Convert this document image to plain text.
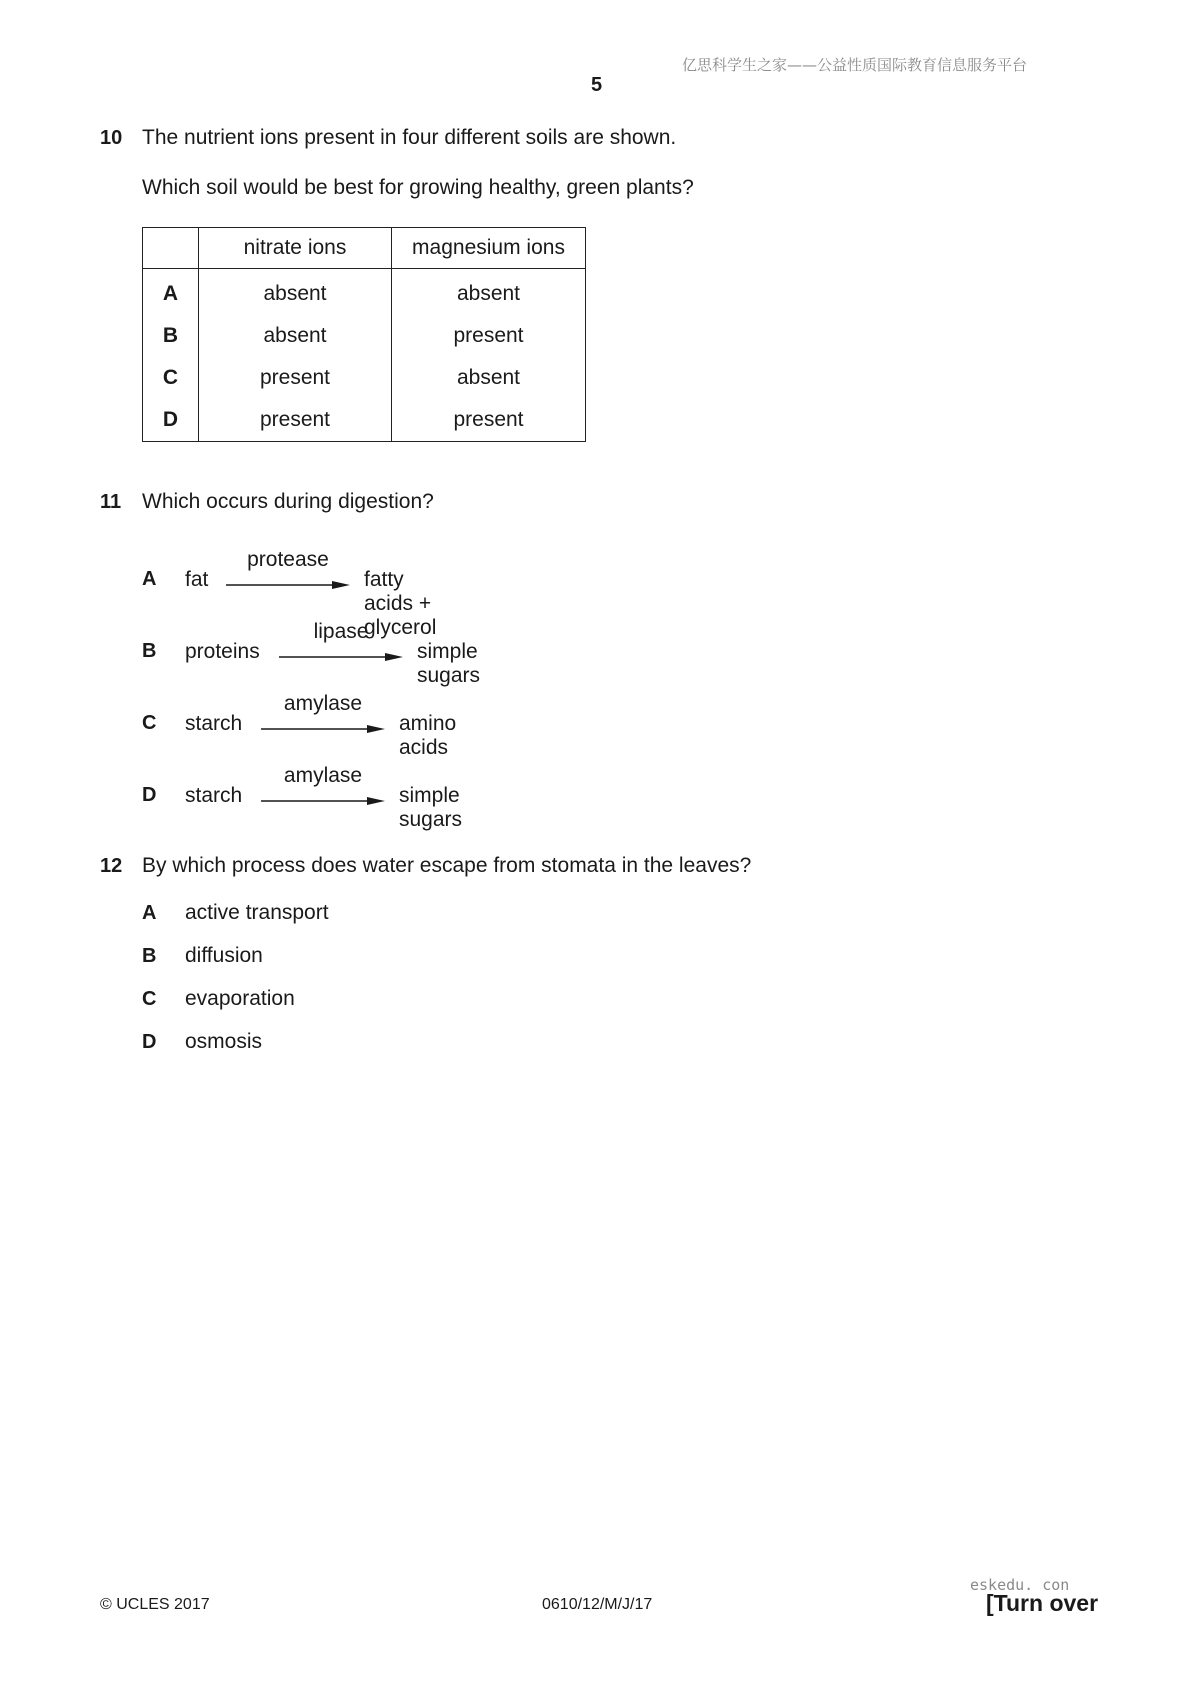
亿思科学生之家——公益性质国际教育信息服务平台
5
10 The nutrient ions present in four different soils are shown.
Which soil would be best for growing healthy, green plants?
	nitrate ions	magnesium ions
A	absent	absent
B	absent	present
C	present	absent
D	present	present
11 Which occurs during digestion?
A fat
protease
fatty acids + glycerol
B proteins
lipase
simple sugars
C starch
amylase
amino acids
D starch
amylase
simple sugars
12 By which process does water escape from stomata in the leaves?
A active transport
B diffusion
C evaporation
D osmosis
© UCLES 2017	0610/12/M/J/17
eskedu. con
[Turn over
